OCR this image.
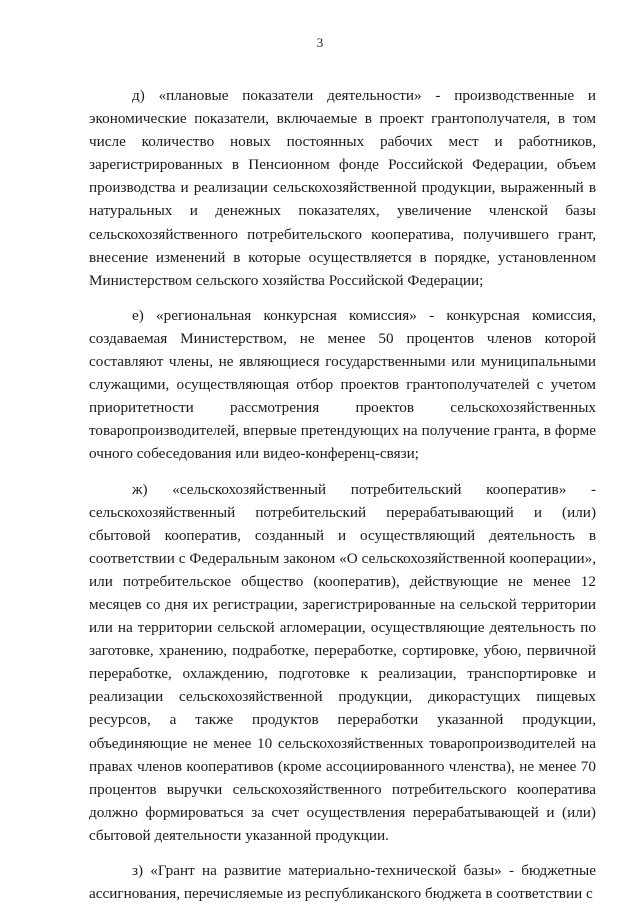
3

д) «плановые показатели деятельности» - производственные и экономические показатели, включаемые в проект грантополучателя, в том числе количество новых постоянных рабочих мест и работников, зарегистрированных в Пенсионном фонде Российской Федерации, объем производства и реализации сельскохозяйственной продукции, выраженный в натуральных и денежных показателях, увеличение членской базы сельскохозяйственного потребительского кооператива, получившего грант, внесение изменений в которые осуществляется в порядке, установленном Министерством сельского хозяйства Российской Федерации;

е) «региональная конкурсная комиссия» - конкурсная комиссия, создаваемая Министерством, не менее 50 процентов членов которой составляют члены, не являющиеся государственными или муниципальными служащими, осуществляющая отбор проектов грантополучателей с учетом приоритетности рассмотрения проектов сельскохозяйственных товаропроизводителей, впервые претендующих на получение гранта, в форме очного собеседования или видео-конференц-связи;

ж) «сельскохозяйственный потребительский кооператив» - сельскохозяйственный потребительский перерабатывающий и (или) сбытовой кооператив, созданный и осуществляющий деятельность в соответствии с Федеральным законом «О сельскохозяйственной кооперации», или потребительское общество (кооператив), действующие не менее 12 месяцев со дня их регистрации, зарегистрированные на сельской территории или на территории сельской агломерации, осуществляющие деятельность по заготовке, хранению, подработке, переработке, сортировке, убою, первичной переработке, охлаждению, подготовке к реализации, транспортировке и реализации сельскохозяйственной продукции, дикорастущих пищевых ресурсов, а также продуктов переработки указанной продукции, объединяющие не менее 10 сельскохозяйственных товаропроизводителей на правах членов кооперативов (кроме ассоциированного членства), не менее 70 процентов выручки сельскохозяйственного потребительского кооператива должно формироваться за счет осуществления перерабатывающей и (или) сбытовой деятельности указанной продукции.

з) «Грант на развитие материально-технической базы» - бюджетные ассигнования, перечисляемые из республиканского бюджета в соответствии с
